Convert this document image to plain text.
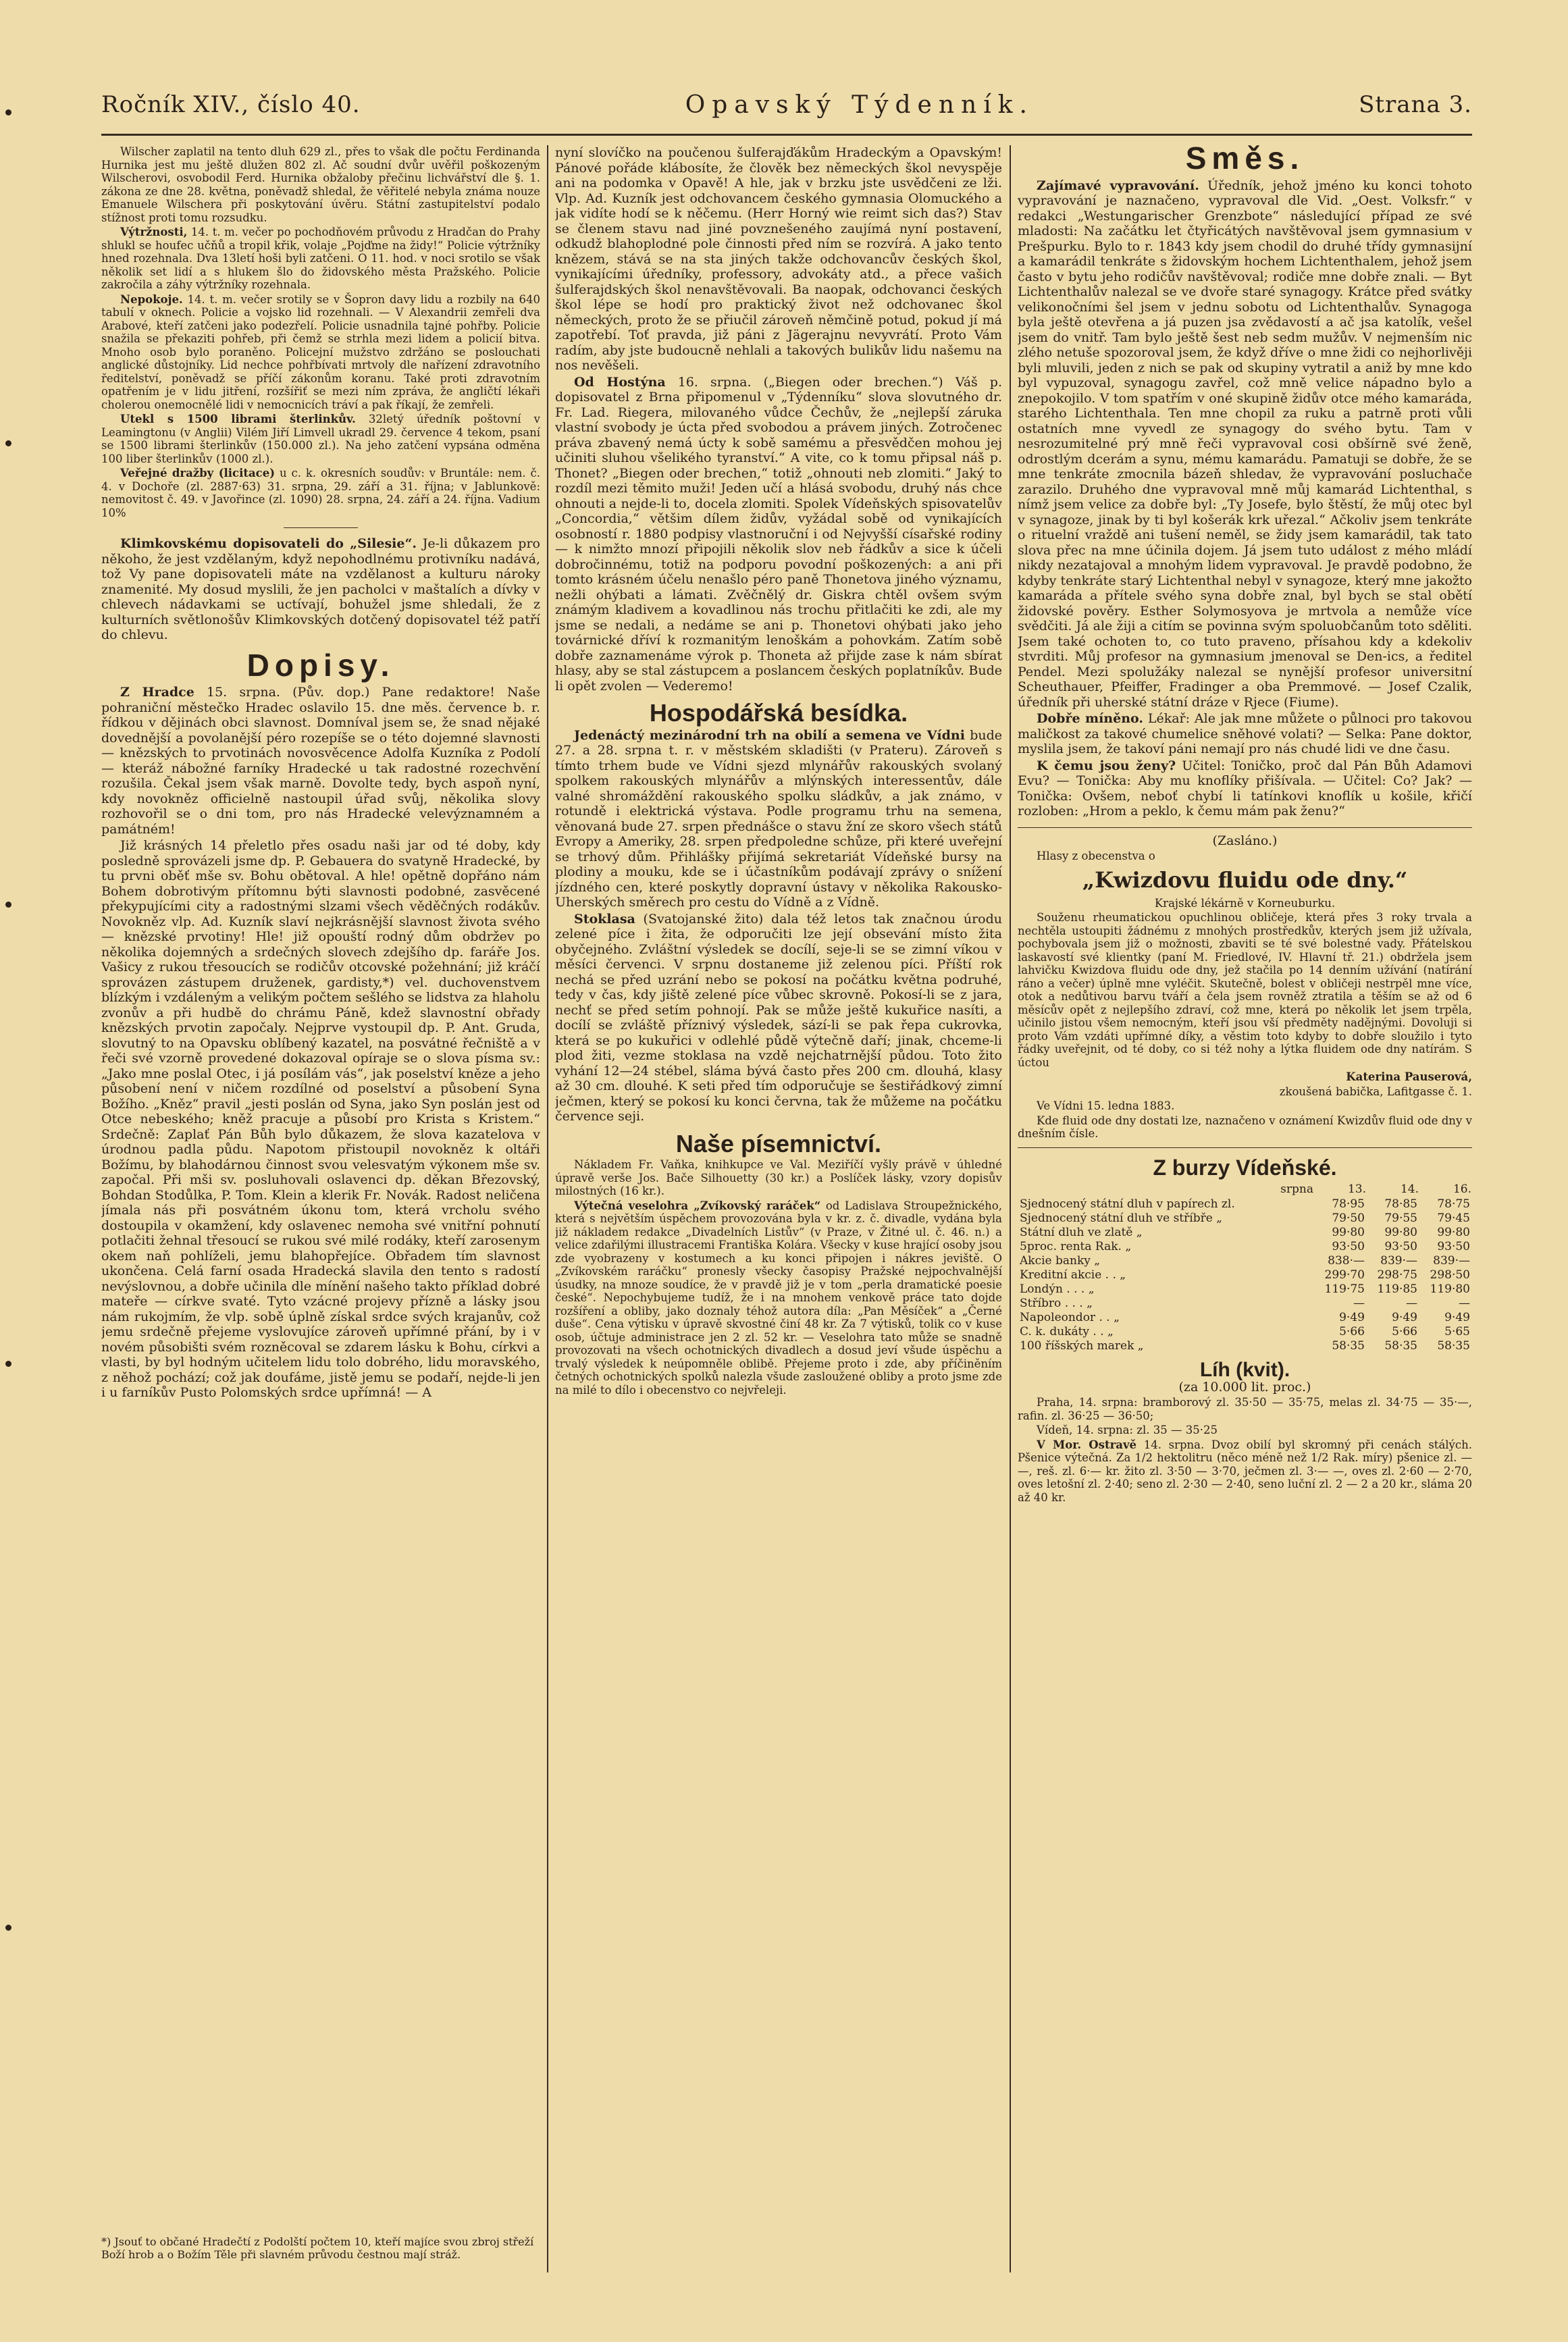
Ročník XIV., číslo 40.	Opavský Týdenník.	Strana 3.

Wilscher zaplatil na tento dluh 629 zl., přes to však dle počtu Ferdinanda Hurnika jest mu ještě dlužen 802 zl. Ač soudní dvůr uvěřil poškozeným Wilscherovi, osvobodil Ferd. Hurnika obžaloby přečinu lichvářství dle §. 1. zákona ze dne 28. května, poněvadž shledal, že věřitelé nebyla známa nouze Emanuele Wilschera při poskytování úvěru. Státní zastupitelství podalo stížnost proti tomu rozsudku.

Výtržnosti, 14. t. m. večer po pochodňovém průvodu z Hradčan do Prahy shlukl se houfec učňů a tropil křik, volaje „Pojďme na židy!“ Policie výtržníky hned rozehnala. Dva 13letí hoši byli zatčeni. O 11. hod. v noci srotilo se však několik set lidí a s hlukem šlo do židovského města Pražského. Policie zakročila a záhy výtržníky rozehnala.

Nepokoje. 14. t. m. večer srotily se v Šopron davy lidu a rozbily na 640 tabulí v oknech. Policie a vojsko lid rozehnali. — V Alexandrii zemřeli dva Arabové, kteří zatčeni jako podezřelí. Policie usnadnila tajné pohřby. Policie snažila se překaziti pohřeb, při čemž se strhla mezi lidem a policií bitva. Mnoho osob bylo poraněno. Policejní mužstvo zdržáno se poslouchati anglické důstojníky. Lid nechce pohřbívati mrtvoly dle nařízení zdravotního ředitelství, poněvadž se příčí zákonům koranu. Také proti zdravotním opatřením je v lidu jitření, rozšířiť se mezi ním zpráva, že angličtí lékaři cholerou onemocnělé lidi v nemocnicích tráví a pak říkají, že zemřeli.

Utekl s 1500 librami šterlinkův. 32letý úředník poštovní v Leamingtonu (v Anglii) Vilém Jiří Limvell ukradl 29. července 4 tekom, psaní se 1500 librami šterlinkův (150.000 zl.). Na jeho zatčení vypsána odměna 100 liber šterlinkův (1000 zl.).

Veřejné dražby (licitace) u c. k. okresních soudův: v Bruntále: nem. č. 4. v Dochoře (zl. 2887·63) 31. srpna, 29. září a 31. října; v Jablunkově: nemovitost č. 49. v Javořince (zl. 1090) 28. srpna, 24. září a 24. října. Vadium 10%

Klimkovskému dopisovateli do „Silesie“. Je-li důkazem pro někoho, že jest vzdělaným, když nepohodlnému protivníku nadává, tož Vy pane dopisovateli máte na vzdělanost a kulturu nároky znamenité. My dosud myslili, že jen pacholci v maštalích a dívky v chlevech nádavkami se uctívají, bohužel jsme shledali, že z kulturních světlonošův Klimkovských dotčený dopisovatel též patří do chlevu.

Dopisy.

Z Hradce 15. srpna. (Pův. dop.) Pane redaktore! Naše pohraniční městečko Hradec oslavilo 15. dne měs. července b. r. řídkou v dějinách obci slavnost. Domníval jsem se, že snad nějaké dovednější a povolanější péro rozepíše se o této dojemné slavnosti — knězských to prvotinách novosvěcence Adolfa Kuzníka z Podolí — kteráž nábožné farníky Hradecké u tak radostné rozechvění rozušila. Čekal jsem však marně. Dovolte tedy, bych aspoň nyní, kdy novokněz officielně nastoupil úřad svůj, několika slovy rozhovořil se o dni tom, pro nás Hradecké velevýznamném a památném!

Již krásných 14 přeletlo přes osadu naši jar od té doby, kdy posledně sprovázeli jsme dp. P. Gebauera do svatyně Hradecké, by tu prvni oběť mše sv. Bohu obětoval. A hle! opětně dopřáno nám Bohem dobrotivým přítomnu býti slavnosti podobné, zasvěcené překypujícími city a radostnými slzami všech věděčných rodákův. Novokněz vlp. Ad. Kuzník slaví nejkrásnější slavnost života svého — knězské prvotiny! Hle! již opouští rodný dům obdržev po několika dojemných a srdečných slovech zdejšího dp. faráře Jos. Vašicy z rukou třesoucích se rodičův otcovské požehnání; již kráčí sprovázen zástupem druženek, gardisty,*) vel. duchovenstvem blízkým i vzdáleným a velikým počtem sešlého se lidstva za hlaholu zvonův a při hudbě do chrámu Páně, kdež slavnostní obřady knězských prvotin započaly. Nejprve vystoupil dp. P. Ant. Gruda, slovutný to na Opavsku oblíbený kazatel, na posvátné řečniště a v řeči své vzorně provedené dokazoval opíraje se o slova písma sv.: „Jako mne poslal Otec, i já posílám vás“, jak poselství kněze a jeho působení není v ničem rozdílné od poselství a působení Syna Božího. „Kněz“ pravil „jesti poslán od Syna, jako Syn poslán jest od Otce nebeského; kněž pracuje a působí pro Krista s Kristem.“ Srdečně: Zaplať Pán Bůh bylo důkazem, že slova kazatelova v úrodnou padla půdu. Napotom přistoupil novokněz k oltáři Božímu, by blahodárnou činnost svou velesvatým výkonem mše sv. započal. Při mši sv. posluhovali oslavenci dp. děkan Březovský, Bohdan Stodůlka, P. Tom. Klein a klerik Fr. Novák. Radost neličena jímala nás při posvátném úkonu tom, která vrcholu svého dostoupila v okamžení, kdy oslavenec nemoha své vnitřní pohnutí potlačiti žehnal třesoucí se rukou své milé rodáky, kteří zarosenym okem naň pohlíželi, jemu blahopřejíce. Obřadem tím slavnost ukončena. Celá farní osada Hradecká slavila den tento s radostí nevýslovnou, a dobře učinila dle mínění našeho takto příklad dobré mateře — církve svaté. Tyto vzácné projevy přízně a lásky jsou nám rukojmím, že vlp. sobě úplně získal srdce svých krajanův, což jemu srdečně přejeme vyslovujíce zároveň upřímné přání, by i v novém působišti svém rozněcoval se zdarem lásku k Bohu, církvi a vlasti, by byl hodným učitelem lidu tolo dobrého, lidu moravského, z něhož pochází; což jak doufáme, jistě jemu se podaří, nejde-li jen i u farníkův Pusto Polomských srdce upřímná! — A

*) Jsouť to občané Hradečtí z Podolští počtem 10, kteří majíce svou zbroj střeží Boží hrob a o Božím Těle při slavném průvodu čestnou mají stráž.

nyní slovíčko na poučenou šulferajďákům Hradeckým a Opavským! Pánové pořáde klábosíte, že člověk bez německých škol nevyspěje ani na podomka v Opavě! A hle, jak v brzku jste usvědčeni ze lži. Vlp. Ad. Kuzník jest odchovancem českého gymnasia Olomuckého a jak vidíte hodí se k něčemu. (Herr Horný wie reimt sich das?) Stav se členem stavu nad jiné povznešeného zaujímá nyní postavení, odkudž blahoplodné pole činnosti před ním se rozvírá. A jako tento knězem, stává se na sta jiných takže odchovancův českých škol, vynikajícími úředníky, professory, advokáty atd., a přece vašich šulferajdských škol nenavštěvovali. Ba naopak, odchovanci českých škol lépe se hodí pro praktický život než odchovanec škol německých, proto že se přiučil zároveň němčině potud, pokud jí má zapotřebí. Toť pravda, již páni z Jägerajnu nevyvrátí. Proto Vám radím, aby jste budoucně nehlali a takových bulikův lidu našemu na nos nevěšeli.

Od Hostýna 16. srpna. („Biegen oder brechen.“) Váš p. dopisovatel z Brna připomenul v „Týdenníku“ slova slovutného dr. Fr. Lad. Riegera, milovaného vůdce Čechův, že „nejlepší záruka vlastní svobody je úcta před svobodou a právem jiných. Zotročenec práva zbavený nemá úcty k sobě samému a přesvědčen mohou jej učiniti sluhou všelikého tyranství.“ A vite, co k tomu připsal náš p. Thonet? „Biegen oder brechen,“ totiž „ohnouti neb zlomiti.“ Jaký to rozdíl mezi těmito muži! Jeden učí a hlásá svobodu, druhý nás chce ohnouti a nejde-li to, docela zlomiti. Spolek Vídeňských spisovatelův „Concordia,“ většim dílem židův, vyžádal sobě od vynikajících osobností r. 1880 podpisy vlastnoruční i od Nejvyšší císařské rodiny — k nimžto mnozí připojili několik slov neb řádkův a sice k účeli dobročinnému, totiž na podporu povodní poškozených: a ani při tomto krásném účelu nenašlo péro paně Thonetova jiného významu, nežli ohýbati a lámati. Zvěčnělý dr. Giskra chtěl ovšem svým známým kladivem a kovadlinou nás trochu přitlačiti ke zdi, ale my jsme se nedali, a nedáme se ani p. Thonetovi ohýbati jako jeho továrnické dříví k rozmanitým lenoškám a pohovkám. Zatím sobě dobře zaznamenáme výrok p. Thoneta až přijde zase k nám sbírat hlasy, aby se stal zástupcem a poslancem českých poplatníkův. Bude li opět zvolen — Vederemo!

Hospodářská besídka.

Jedenáctý mezinárodní trh na obilí a semena ve Vídni bude 27. a 28. srpna t. r. v městském skladišti (v Prateru). Zároveň s tímto trhem bude ve Vídni sjezd mlynářův rakouských svolaný spolkem rakouských mlynářův a mlýnských interessentův, dále valné shromáždění rakouského spolku sládkův, a jak známo, v rotundě i elektrická výstava. Podle programu trhu na semena, věnovaná bude 27. srpen přednášce o stavu žní ze skoro všech států Evropy a Ameriky, 28. srpen předpoledne schůze, při které uveřejní se trhový dům. Přihlášky přijímá sekretariát Vídeňské bursy na plodiny a mouku, kde se i účastníkům podávají zprávy o snížení jízdného cen, které poskytly dopravní ústavy v několika Rakousko-Uherských směrech pro cestu do Vídně a z Vídně.

Stoklasa (Svatojanské žito) dala též letos tak značnou úrodu zelené píce i žita, že odporučiti lze její obsevání místo žita obyčejného. Zvláštní výsledek se docílí, seje-li se se zimní víkou v měsíci červenci. V srpnu dostaneme již zelenou píci. Příští rok nechá se před uzrání nebo se pokosí na počátku května podruhé, tedy v čas, kdy jiště zelené píce vůbec skrovně. Pokosí-li se z jara, nechť se před setím pohnojí. Pak se může ještě kukuřice nasíti, a docílí se zvláště příznivý výsledek, sází-li se pak řepa cukrovka, která se po kukuřici v odlehlé půdě výtečně daří; jinak, chceme-li plod žiti, vezme stoklasa na vzdě nejchatrnější půdou. Toto žito vyhání 12—24 stébel, sláma bývá často přes 200 cm. dlouhá, klasy až 30 cm. dlouhé. K seti před tím odporučuje se šestiřádkový zimní ječmen, který se pokosí ku konci června, tak že můžeme na počátku července seji.

Naše písemnictví.

Nákladem Fr. Vaňka, knihkupce ve Val. Meziříčí vyšly právě v úhledné úpravě verše Jos. Bače Silhouetty (30 kr.) a Poslíček lásky, vzory dopisův milostných (16 kr.).

Výtečná veselohra „Zvíkovský raráček“ od Ladislava Stroupežnického, která s největším úspěchem provozována byla v kr. z. č. divadle, vydána byla již nákladem redakce „Divadelních Listův“ (v Praze, v Žitné ul. č. 46. n.) a velice zdařilými illustracemi Františka Kolára. Všecky v kuse hrající osoby jsou zde vyobrazeny v kostumech a ku konci připojen i nákres jeviště. O „Zvíkovském raráčku“ pronesly všecky časopisy Pražské nejpochvalnější úsudky, na mnoze soudíce, že v pravdě již je v tom „perla dramatické poesie české“. Nepochybujeme tudíž, že i na mnohem venkově práce tato dojde rozšíření a obliby, jako doznaly téhož autora díla: „Pan Měsíček“ a „Černé duše“. Cena výtisku v úpravě skvostné činí 48 kr. Za 7 výtisků, tolik co v kuse osob, účtuje administrace jen 2 zl. 52 kr. — Veselohra tato může se snadně provozovati na všech ochotnických divadlech a dosud jeví všude úspěchu a trvalý výsledek k neúpomněle oblibě. Přejeme proto i zde, aby příčiněním četných ochotnických spolků nalezla všude zasloužené obliby a proto jsme zde na milé to dílo i obecenstvo co nejvřeleji.

Směs.

Zajímavé vypravování. Úředník, jehož jméno ku konci tohoto vypravování je naznačeno, vypravoval dle Vid. „Oest. Volksfr.“ v redakci „Westungarischer Grenzbote“ následující případ ze své mladosti: Na začátku let čtyřicátých navštěvoval jsem gymnasium v Prešpurku. Bylo to r. 1843 kdy jsem chodil do druhé třídy gymnasijní a kamarádil tenkráte s židovským hochem Lichtenthalem, jehož jsem často v bytu jeho rodičův navštěvoval; rodiče mne dobře znali. — Byt Lichtenthalův nalezal se ve dvoře staré synagogy. Krátce před svátky velikonočními šel jsem v jednu sobotu od Lichtenthalův. Synagoga byla ještě otevřena a já puzen jsa zvědavostí a ač jsa katolík, vešel jsem do vnitř. Tam bylo ještě šest neb sedm mužův. V nejmenším nic zlého netuše spozoroval jsem, že když dříve o mne židi co nejhorlivěji byli mluvili, jeden z nich se pak od skupiny vytratil a aniž by mne kdo byl vypuzoval, synagogu zavřel, což mně velice nápadno bylo a znepokojilo. V tom spatřím v oné skupině židův otce mého kamaráda, starého Lichtenthala. Ten mne chopil za ruku a patrně proti vůli ostatních mne vyvedl ze synagogy do svého bytu. Tam v nesrozumitelné prý mně řeči vypravoval cosi obšírně své ženě, odrostlým dcerám a synu, mému kamarádu. Pamatuji se dobře, že se mne tenkráte zmocnila bázeň shledav, že vypravování posluchače zarazilo. Druhého dne vypravoval mně můj kamarád Lichtenthal, s nímž jsem velice za dobře byl: „Ty Josefe, bylo štěstí, že můj otec byl v synagoze, jinak by ti byl košerák krk uřezal.“ Ačkoliv jsem tenkráte o rituelní vraždě ani tušení neměl, se židy jsem kamarádil, tak tato slova přec na mne účinila dojem. Já jsem tuto událost z mého mládí nikdy nezatajoval a mnohým lidem vypravoval. Je pravdě podobno, že kdyby tenkráte starý Lichtenthal nebyl v synagoze, který mne jakožto kamaráda a přítele svého syna dobře znal, byl bych se stal obětí židovské pověry. Esther Solymosyova je mrtvola a nemůže více svědčiti. Já ale žiji a citím se povinna svým spoluobčanům toto sděliti. Jsem také ochoten to, co tuto praveno, přísahou kdy a kdekoliv stvrditi. Můj profesor na gymnasium jmenoval se Den-ics, a ředitel Pendel. Mezi spolužáky nalezal se nynější profesor universitní Scheuthauer, Pfeiffer, Fradinger a oba Premmové. — Josef Czalik, úředník při uherské státní dráze v Rjece (Fiume).

Dobře míněno. Lékař: Ale jak mne můžete o půlnoci pro takovou maličkost za takové chumelice sněhové volati? — Selka: Pane doktor, myslila jsem, že takoví páni nemají pro nás chudé lidi ve dne času.

K čemu jsou ženy? Učitel: Toničko, proč dal Pán Bůh Adamovi Evu? — Tonička: Aby mu knoflíky přišívala. — Učitel: Co? Jak? — Tonička: Ovšem, neboť chybí li tatínkovi knoflík u košile, křičí rozloben: „Hrom a peklo, k čemu mám pak ženu?“

(Zasláno.)

Hlasy z obecenstva o

„Kwizdovu fluidu ode dny.“

Krajské lékárně v Korneuburku.

Souženu rheumatickou opuchlinou obličeje, která přes 3 roky trvala a nechtěla ustoupiti žádnému z mnohých prostředkův, kterých jsem již užívala, pochybovala jsem již o možnosti, zbaviti se té své bolestné vady. Přátelskou laskavostí své klientky (paní M. Friedlové, IV. Hlavní tř. 21.) obdržela jsem lahvičku Kwizdova fluidu ode dny, jež stačila po 14 denním užívání (natírání ráno a večer) úplně mne vyléčit. Skutečně, bolest v obličeji nestrpěl mne více, otok a nedůtivou barvu tváří a čela jsem rovněž ztratila a těším se až od 6 měsícův opět z nejlepšího zdraví, což mne, která po několik let jsem trpěla, učinilo jistou všem nemocným, kteří jsou vší předměty nadějnými. Dovoluji si proto Vám vzdáti upřímné díky, a věstim toto kdyby to dobře sloužilo i tyto řádky uveřejnit, od té doby, co si též nohy a lýtka fluidem ode dny natírám. S úctou

Katerina Pauserová,

zkoušená babička, Lafitgasse č. 1.

Ve Vídni 15. ledna 1883.

Kde fluid ode dny dostati lze, naznačeno v oznámení Kwizdův fluid ode dny v dnešním čísle.

Z burzy Vídeňské.
srpna	13.	14.	16.
Sjednocený státní dluh v papírech zl.	78·95	78·85	78·75
Sjednocený státní dluh ve stříbře „	79·50	79·55	79·45
Státní dluh ve zlatě „	99·80	99·80	99·80
5proc. renta Rak. „	93·50	93·50	93·50
Akcie banky „	838·—	839·—	839·—
Kreditní akcie . . „	299·70	298·75	298·50
Londýn . . . „	119·75	119·85	119·80
Stříbro . . . „	—	—	—
Napoleondor . . „	9·49	9·49	9·49
C. k. dukáty . . „	5·66	5·66	5·65
100 říšských marek „	58·35	58·35	58·35
Líh (kvit).

(za 10.000 lit. proc.)

Praha, 14. srpna: bramborový zl. 35·50 — 35·75, melas zl. 34·75 — 35·—, rafin. zl. 36·25 — 36·50;

Vídeň, 14. srpna: zl. 35 — 35·25

V Mor. Ostravě 14. srpna. Dvoz obilí byl skromný při cenách stálých. Pšenice výtečná. Za 1/2 hektolitru (něco méně než 1/2 Rak. míry) pšenice zl. — —, reš. zl. 6·— kr. žito zl. 3·50 — 3·70, ječmen zl. 3·— —, oves zl. 2·60 — 2·70, oves letošní zl. 2·40; seno zl. 2·30 — 2·40, seno luční zl. 2 — 2 a 20 kr., sláma 20 až 40 kr.
